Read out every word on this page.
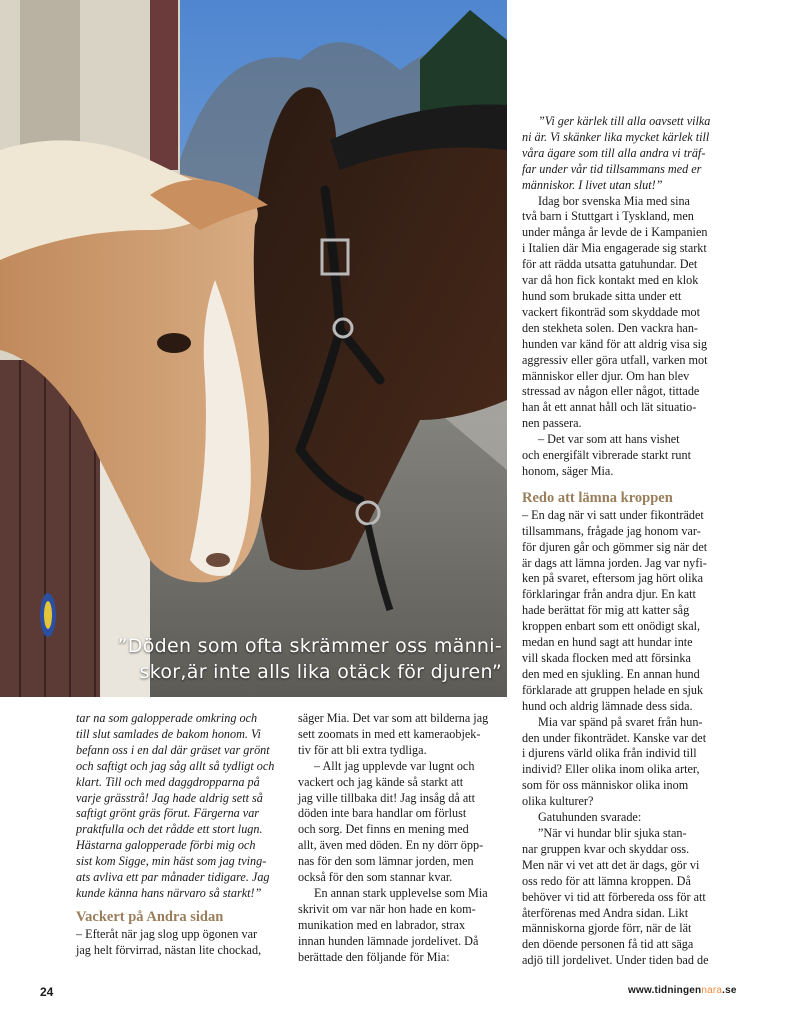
”Döden som ofta skrämmer oss männi-
skor,är inte alls lika otäck för djuren”
tar na som galopperade omkring och
till slut samlades de bakom honom. Vi
befann oss i en dal där gräset var grönt
och saftigt och jag såg allt så tydligt och
klart. Till och med daggdropparna på
varje grässtrå! Jag hade aldrig sett så
saftigt grönt gräs förut. Färgerna var
praktfulla och det rådde ett stort lugn.
Hästarna galopperade förbi mig och
sist kom Sigge, min häst som jag tving-
ats avliva ett par månader tidigare. Jag
kunde känna hans närvaro så starkt!”
Vackert på Andra sidan
– Efteråt när jag slog upp ögonen var
jag helt förvirrad, nästan lite chockad,
säger Mia. Det var som att bilderna jag
sett zoomats in med ett kameraobjek-
tiv för att bli extra tydliga.
– Allt jag upplevde var lugnt och
vackert och jag kände så starkt att
jag ville tillbaka dit! Jag insåg då att
döden inte bara handlar om förlust
och sorg. Det finns en mening med
allt, även med döden. En ny dörr öpp-
nas för den som lämnar jorden, men
också för den som stannar kvar.
En annan stark upplevelse som Mia
skrivit om var när hon hade en kom-
munikation med en labrador, strax
innan hunden lämnade jordelivet. Då
berättade den följande för Mia:
”Vi ger kärlek till alla oavsett vilka
ni är. Vi skänker lika mycket kärlek till
våra ägare som till alla andra vi träf-
far under vår tid tillsammans med er
människor. I livet utan slut!”
Idag bor svenska Mia med sina
två barn i Stuttgart i Tyskland, men
under många år levde de i Kampanien
i Italien där Mia engagerade sig starkt
för att rädda utsatta gatuhundar. Det
var då hon fick kontakt med en klok
hund som brukade sitta under ett
vackert fikonträd som skyddade mot
den stekheta solen. Den vackra han-
hunden var känd för att aldrig visa sig
aggressiv eller göra utfall, varken mot
människor eller djur. Om han blev
stressad av någon eller något, tittade
han åt ett annat håll och lät situatio-
nen passera.
– Det var som att hans vishet
och energifält vibrerade starkt runt
honom, säger Mia.
Redo att lämna kroppen
– En dag när vi satt under fikonträdet
tillsammans, frågade jag honom var-
för djuren går och gömmer sig när det
är dags att lämna jorden. Jag var nyfi-
ken på svaret, eftersom jag hört olika
förklaringar från andra djur. En katt
hade berättat för mig att katter såg
kroppen enbart som ett onödigt skal,
medan en hund sagt att hundar inte
vill skada flocken med att försinka
den med en sjukling. En annan hund
förklarade att gruppen helade en sjuk
hund och aldrig lämnade dess sida.
Mia var spänd på svaret från hun-
den under fikonträdet. Kanske var det
i djurens värld olika från individ till
individ? Eller olika inom olika arter,
som för oss människor olika inom
olika kulturer?
Gatuhunden svarade:
”När vi hundar blir sjuka stan-
nar gruppen kvar och skyddar oss.
Men när vi vet att det är dags, gör vi
oss redo för att lämna kroppen. Då
behöver vi tid att förbereda oss för att
återförenas med Andra sidan. Likt
människorna gjorde förr, när de lät
den döende personen få tid att säga
adjö till jordelivet. Under tiden bad de
24	www.tidningennara.se
